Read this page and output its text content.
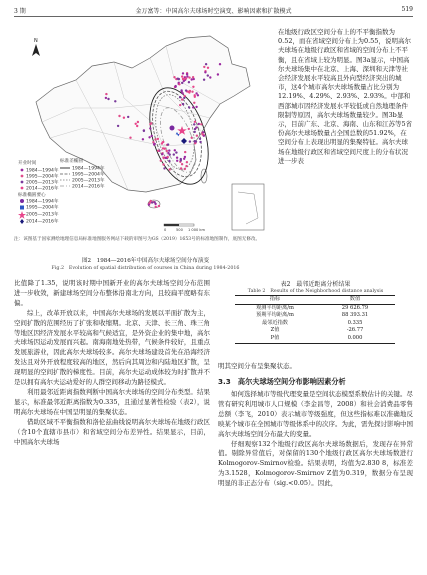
3 期	金万富等：中国高尔夫球场时空演变、影响因素和扩散模式	519
开业时间
1984—1994年
1995—2004年
2005—2013年
2014—2016年
标准椭圆要心
1984—1994年
1995—2004年
2005—2013年
2014—2016年
标准差椭圆
1984—1994年
1995—2004年
2005—2013年
2014—2016年
N
0	500 1 000 km
注：该图基于国家测绘地理信息局标准地图服务网站下载的审图号为GS（2019）1653号的标准地图制作，底图无修改。
图2　1984—2016年中国高尔夫球场空间分布演变
Fig.2　Evolution of spatial distribution of courses in China during 1984-2016
在地级行政区空间分布上的不平衡指数为0.52，而在省域空间分布上为0.55，说明高尔夫球场在地级行政区和省域的空间分布上不平衡，且在省域上较为明显。图3a显示，中国高尔夫球场集中在北京、上海、深圳和天津等社会经济发展水平较高且外向型经济突出的城市，这4个城市高尔夫球场数量占比分别为12.19%、4.29%、2.93%、2.93%。中部和西部城市因经济发展水平较低或自然地理条件限制等原因，高尔夫球场数量较少。图3b显示，目前广东、北京、海南、山东和江苏等5省份高尔夫球场数量占全国总数的51.92%，在空间分布上表现出明显的集聚特征。高尔夫球场在地级行政区和省域空间尺度上的分布状况进一步表

比值降了1.35，说明该时期中国新开业的高尔夫球场空间分布范围进一步收敛，新建球场空间分布整体沿南北方向，且较扁平度略有东偏。

综上，改革开放以来，中国高尔夫球场的发展以平面扩散为主，空间扩散的范围经历了扩张和收缩期。北京、天津、长三角、珠三角等地区因经济发展水平较高和气候适宜，是外资企业的集中地，高尔夫球场因运动发展而兴起。南海南地处热带，气候条件较好，且重点发展旅游业，因此高尔夫球场较多。高尔夫球场建设首先在沿海经济发达且对外开放程度较高的地区，然后向其周边和内陆地区扩散，呈现明显的空间扩散的梯度性。目前，高尔夫运动成体较为时扩散并不是以拥有高尔夫运动爱好的人群空间移动为路径模式。

利用最邻近距离指数判断中国高尔夫球场的空间分布类型。结果显示，标准最邻近距离指数为0.335，且通过显著性检验（表2），说明高尔夫球场在中国呈明显的集聚状态。

借助区域不平衡指数和洛伦兹曲线说明高尔夫球场在地级行政区（含10个直辖市县市）和省域空间分布差异性。结果显示，目前，中国高尔夫球场

表2　最邻近距离分析结果
Table 2　Results of the Neighborhood distance analysis
指标	数值
观测平均距离/m	29 626.79
预期平均距离/m	88 393.31
最邻近指数	0.335
Z值	-26.77
P值	0.000
明其空间分布呈集聚状态。
3.3　高尔夫球场空间分布影响因素分析

如何选择城市等级代理变量是空间状态模型系数估计的关键。尽管有研究利用城市人口规模（李金昌等，2008）和社会消费品零售总额（李飞，2010）表示城市等级强度，但这些指标难以准确地反映某个城市在全国城市等级体系中的次序。为此，需先探讨影响中国高尔夫球场空间分布最大的变量。

仔细观察132个地级行政区高尔夫球场数据后，发现存在异常值。剔除异常值后，对保留的130个地级行政区高尔夫球场数进行Kolmogorov-Smirnov检验。结果表明，均值为2.830 8，标准差为3.1528，Kolmogorov-Smirnov Z值为0.319，数据分布呈现明显的非正态分布（sig.<0.05）。因此，
